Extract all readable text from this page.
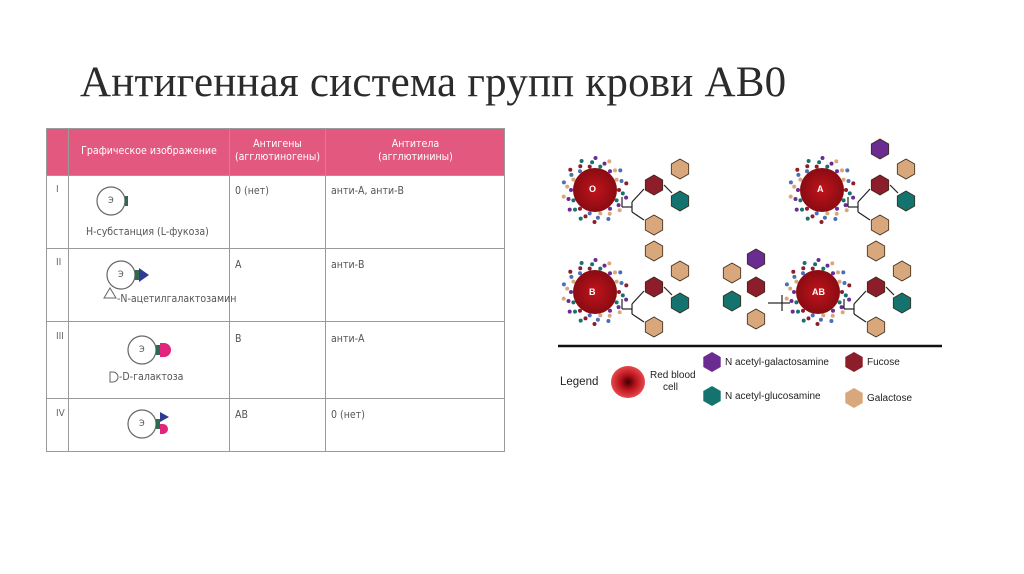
Антигенная система групп крови АВ0
Графическое изображение
Антигены
(агглютиногены)
Антитела
(агглютинины)
I
Э
Н-субстанция (L-фукоза)
0 (нет)	анти-А, анти-В
II
Э
-N-ацетилгалактозамин
А	анти-В
III
Э
-D-галактоза
В	анти-А
IV
Э
АВ	0 (нет)
O	A
B	AB
Legend
Red blood
cell
N acetyl-galactosamine
N acetyl-glucosamine
Fucose
Galactose
